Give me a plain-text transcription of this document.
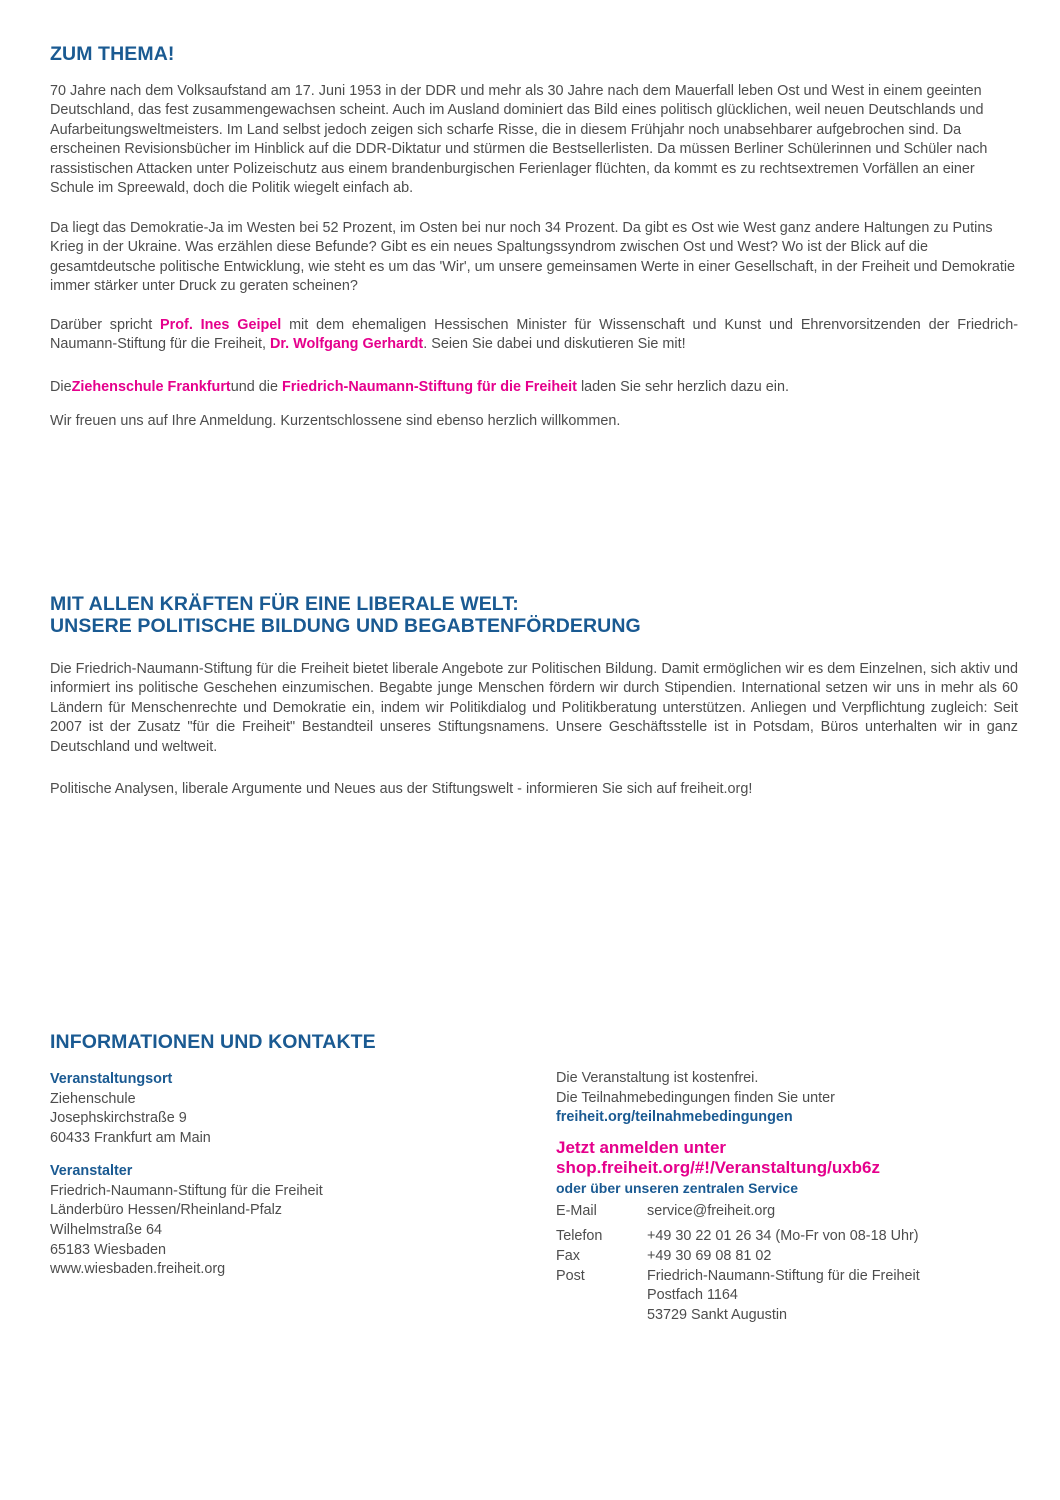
ZUM THEMA!

70 Jahre nach dem Volksaufstand am 17. Juni 1953 in der DDR und mehr als 30 Jahre nach dem Mauerfall leben Ost und West in einem geeinten Deutschland, das fest zusammengewachsen scheint. Auch im Ausland dominiert das Bild eines politisch glücklichen, weil neuen Deutschlands und Aufarbeitungsweltmeisters. Im Land selbst jedoch zeigen sich scharfe Risse, die in diesem Frühjahr noch unabsehbarer aufgebrochen sind. Da erscheinen Revisionsbücher im Hinblick auf die DDR-Diktatur und stürmen die Bestsellerlisten. Da müssen Berliner Schülerinnen und Schüler nach rassistischen Attacken unter Polizeischutz aus einem brandenburgischen Ferienlager flüchten, da kommt es zu rechtsextremen Vorfällen an einer Schule im Spreewald, doch die Politik wiegelt einfach ab.

Da liegt das Demokratie-Ja im Westen bei 52 Prozent, im Osten bei nur noch 34 Prozent. Da gibt es Ost wie West ganz andere Haltungen zu Putins Krieg in der Ukraine. Was erzählen diese Befunde? Gibt es ein neues Spaltungssyndrom zwischen Ost und West? Wo ist der Blick auf die gesamtdeutsche politische Entwicklung, wie steht es um das 'Wir', um unsere gemeinsamen Werte in einer Gesellschaft, in der Freiheit und Demokratie immer stärker unter Druck zu geraten scheinen?

Darüber spricht Prof. Ines Geipel mit dem ehemaligen Hessischen Minister für Wissenschaft und Kunst und Ehrenvorsitzenden der Friedrich-Naumann-Stiftung für die Freiheit, Dr. Wolfgang Gerhardt. Seien Sie dabei und diskutieren Sie mit!

DieZiehenschule Frankfurtund die Friedrich-Naumann-Stiftung für die Freiheit laden Sie sehr herzlich dazu ein.

Wir freuen uns auf Ihre Anmeldung. Kurzentschlossene sind ebenso herzlich willkommen.

MIT ALLEN KRÄFTEN FÜR EINE LIBERALE WELT:
UNSERE POLITISCHE BILDUNG UND BEGABTENFÖRDERUNG

Die Friedrich-Naumann-Stiftung für die Freiheit bietet liberale Angebote zur Politischen Bildung. Damit ermöglichen wir es dem Einzelnen, sich aktiv und informiert ins politische Geschehen einzumischen. Begabte junge Menschen fördern wir durch Stipendien. International setzen wir uns in mehr als 60 Ländern für Menschenrechte und Demokratie ein, indem wir Politikdialog und Politikberatung unterstützen. Anliegen und Verpflichtung zugleich: Seit 2007 ist der Zusatz "für die Freiheit" Bestandteil unseres Stiftungsnamens. Unsere Geschäftsstelle ist in Potsdam, Büros unterhalten wir in ganz Deutschland und weltweit.

Politische Analysen, liberale Argumente und Neues aus der Stiftungswelt - informieren Sie sich auf freiheit.org!

INFORMATIONEN UND KONTAKTE
Veranstaltungsort
Ziehenschule
Josephskirchstraße 9
60433 Frankfurt am Main
Veranstalter
Friedrich-Naumann-Stiftung für die Freiheit
Länderbüro Hessen/Rheinland-Pfalz
Wilhelmstraße 64
65183 Wiesbaden
www.wiesbaden.freiheit.org
Die Veranstaltung ist kostenfrei.
Die Teilnahmebedingungen finden Sie unter
freiheit.org/teilnahmebedingungen
Jetzt anmelden unter
shop.freiheit.org/#!/Veranstaltung/uxb6z
oder über unseren zentralen Service
E-Mail	service@freiheit.org

Telefon	+49 30 22 01 26 34 (Mo-Fr von 08-18 Uhr)
Fax	+49 30 69 08 81 02
Post	Friedrich-Naumann-Stiftung für die Freiheit
Postfach 1164
53729 Sankt Augustin
